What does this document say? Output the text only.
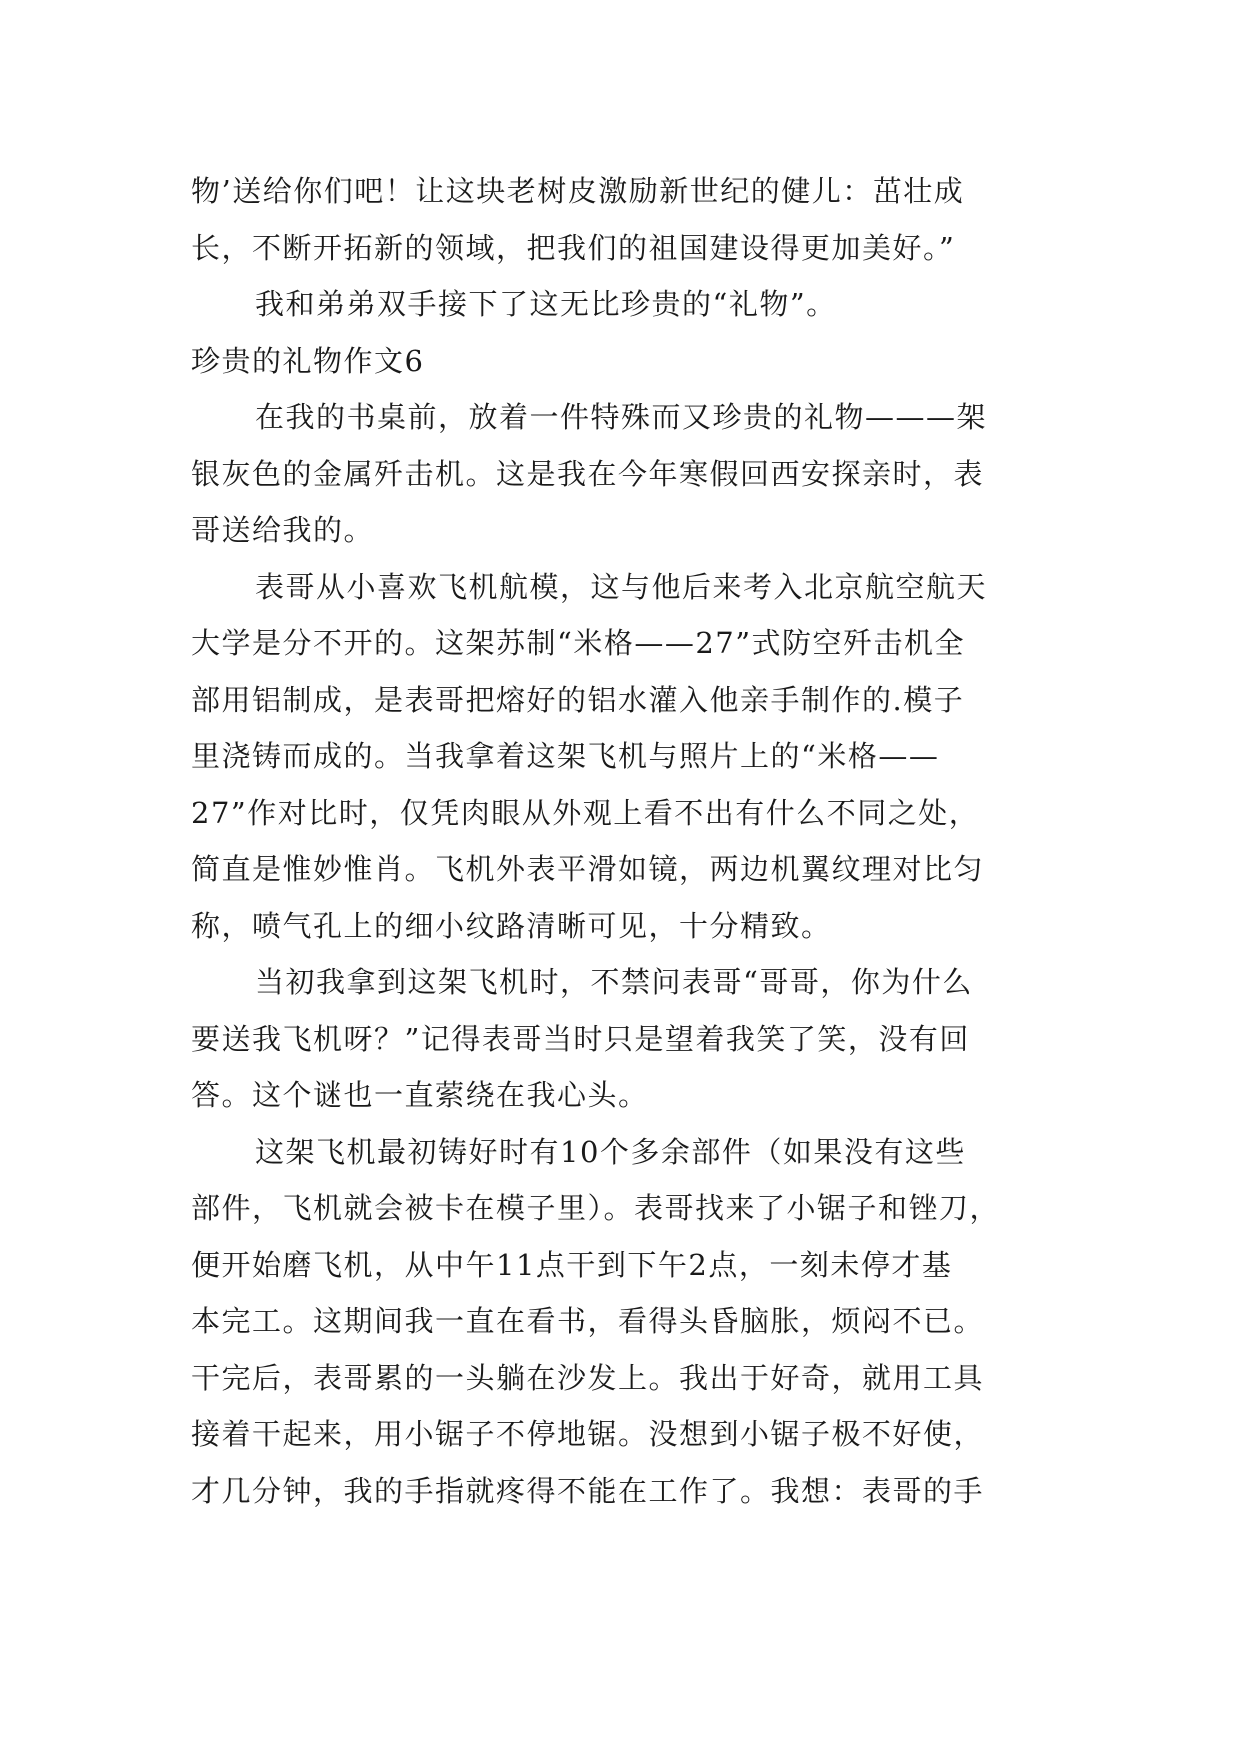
物’送给你们吧！让这块老树皮激励新世纪的健儿：茁壮成
长，不断开拓新的领域，把我们的祖国建设得更加美好。”
我和弟弟双手接下了这无比珍贵的“礼物”。
珍贵的礼物作文6
在我的书桌前，放着一件特殊而又珍贵的礼物———架
银灰色的金属歼击机。这是我在今年寒假回西安探亲时，表
哥送给我的。
表哥从小喜欢飞机航模，这与他后来考入北京航空航天
大学是分不开的。这架苏制“米格——27”式防空歼击机全
部用铝制成，是表哥把熔好的铝水灌入他亲手制作的.模子
里浇铸而成的。当我拿着这架飞机与照片上的“米格——
27”作对比时，仅凭肉眼从外观上看不出有什么不同之处，
简直是惟妙惟肖。飞机外表平滑如镜，两边机翼纹理对比匀
称，喷气孔上的细小纹路清晰可见，十分精致。
当初我拿到这架飞机时，不禁问表哥“哥哥，你为什么
要送我飞机呀？”记得表哥当时只是望着我笑了笑，没有回
答。这个谜也一直萦绕在我心头。
这架飞机最初铸好时有10个多余部件（如果没有这些
部件，飞机就会被卡在模子里）。表哥找来了小锯子和锉刀，
便开始磨飞机，从中午11点干到下午2点，一刻未停才基
本完工。这期间我一直在看书，看得头昏脑胀，烦闷不已。
干完后，表哥累的一头躺在沙发上。我出于好奇，就用工具
接着干起来，用小锯子不停地锯。没想到小锯子极不好使，
才几分钟，我的手指就疼得不能在工作了。我想：表哥的手
